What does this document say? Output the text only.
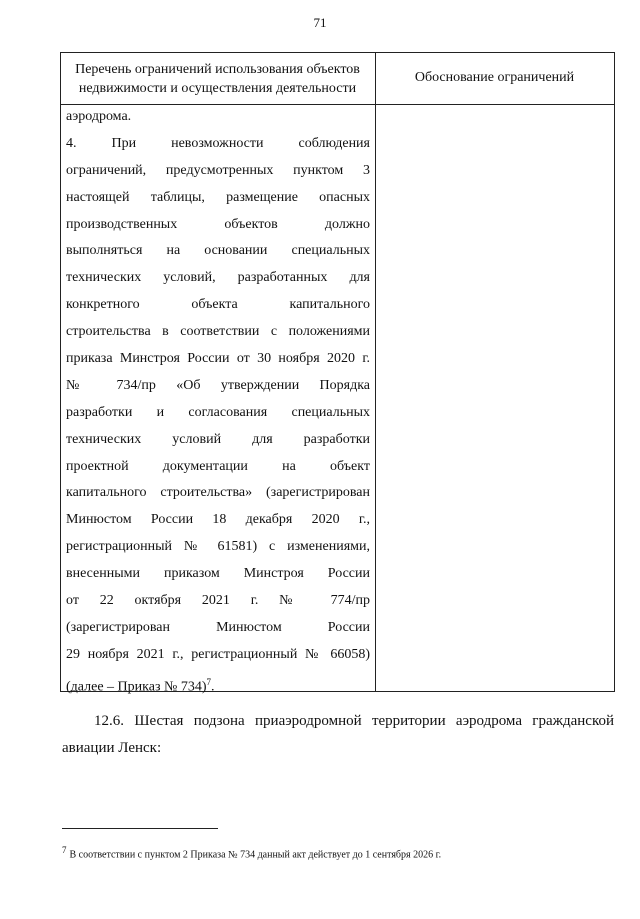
71
Перечень ограничений использования объектов недвижимости и осуществления деятельности
Обоснование ограничений
аэродрома.
4. При невозможности соблюдения
ограничений, предусмотренных пунктом 3
настоящей таблицы, размещение опасных
производственных объектов должно
выполняться на основании специальных
технических условий, разработанных для
конкретного объекта капитального
строительства в соответствии с положениями
приказа Минстроя России от 30 ноября 2020 г.
№ 734/пр «Об утверждении Порядка
разработки и согласования специальных
технических условий для разработки
проектной документации на объект
капитального строительства» (зарегистрирован
Минюстом России 18 декабря 2020 г.,
регистрационный № 61581) с изменениями,
внесенными приказом Минстроя России
от 22 октября 2021 г. № 774/пр
(зарегистрирован Минюстом России
29 ноября 2021 г., регистрационный № 66058)
(далее – Приказ № 734)$^7$.
12.6. Шестая подзона приаэродромной территории аэродрома гражданской
авиации Ленск:
7 В соответствии с пунктом 2 Приказа № 734 данный акт действует до 1 сентября 2026 г.
